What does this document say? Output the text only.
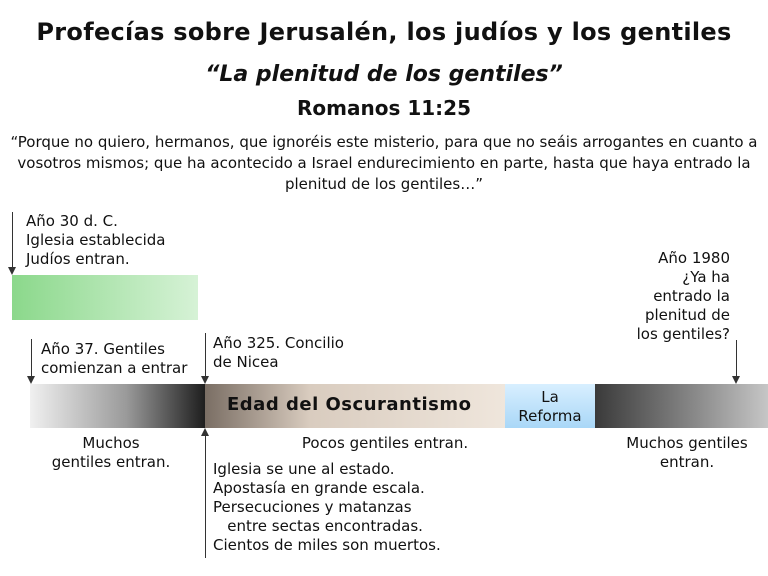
Profecías sobre Jerusalén, los judíos y los gentiles
“La plenitud de los gentiles”
Romanos 11:25
“Porque no quiero, hermanos, que ignoréis este misterio, para que no seáis arrogantes en cuanto a vosotros mismos; que ha acontecido a Israel endurecimiento en parte, hasta que haya entrado la plenitud de los gentiles…”
Año 30 d. C.
Iglesia establecida
Judíos entran.
Año 37. Gentiles
comienzan a entrar
Año 325. Concilio
de Nicea
Año 1980
¿Ya ha
entrado la
plenitud de
los gentiles?
Edad del Oscurantismo	La
Reforma
Muchos
gentiles entran.
Pocos gentiles entran.	Muchos gentiles
entran.
Iglesia se une al estado.
Apostasía en grande escala.
Persecuciones y matanzas
entre sectas encontradas.
Cientos de miles son muertos.
